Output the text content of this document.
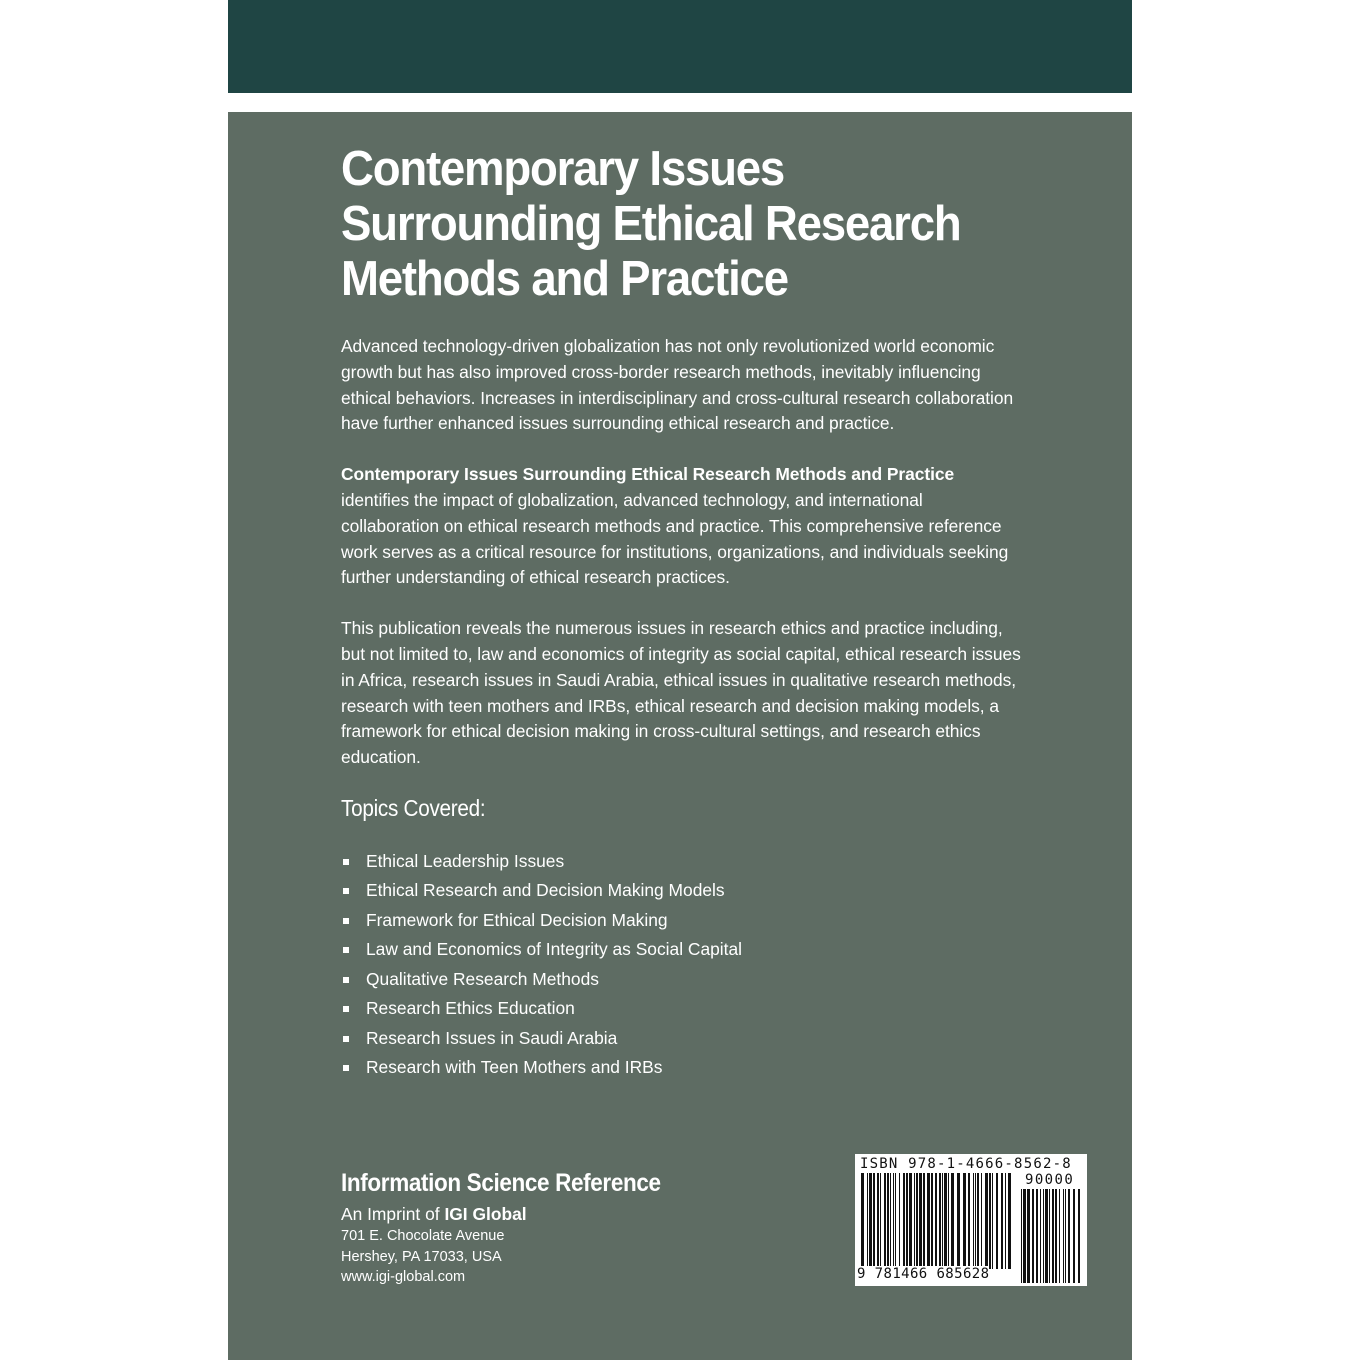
Contemporary Issues
Surrounding Ethical Research
Methods and Practice

Advanced technology-driven globalization has not only revolutionized world economic growth but has also improved cross-border research methods, inevitably influencing ethical behaviors. Increases in interdisciplinary and cross-cultural research collaboration have further enhanced issues surrounding ethical research and practice.

Contemporary Issues Surrounding Ethical Research Methods and Practice
identifies the impact of globalization, advanced technology, and international collaboration on ethical research methods and practice. This comprehensive reference work serves as a critical resource for institutions, organizations, and individuals seeking further understanding of ethical research practices.

This publication reveals the numerous issues in research ethics and practice including, but not limited to, law and economics of integrity as social capital, ethical research issues in Africa, research issues in Saudi Arabia, ethical issues in qualitative research methods, research with teen mothers and IRBs, ethical research and decision making models, a framework for ethical decision making in cross-cultural settings, and research ethics education.

Topics Covered:
Ethical Leadership Issues
Ethical Research and Decision Making Models
Framework for Ethical Decision Making
Law and Economics of Integrity as Social Capital
Qualitative Research Methods
Research Ethics Education
Research Issues in Saudi Arabia
Research with Teen Mothers and IRBs
Information Science Reference
An Imprint of IGI Global
701 E. Chocolate Avenue
Hershey, PA 17033, USA
www.igi-global.com
ISBN 978-1-4666-8562-8
90000
9 781466 685628
